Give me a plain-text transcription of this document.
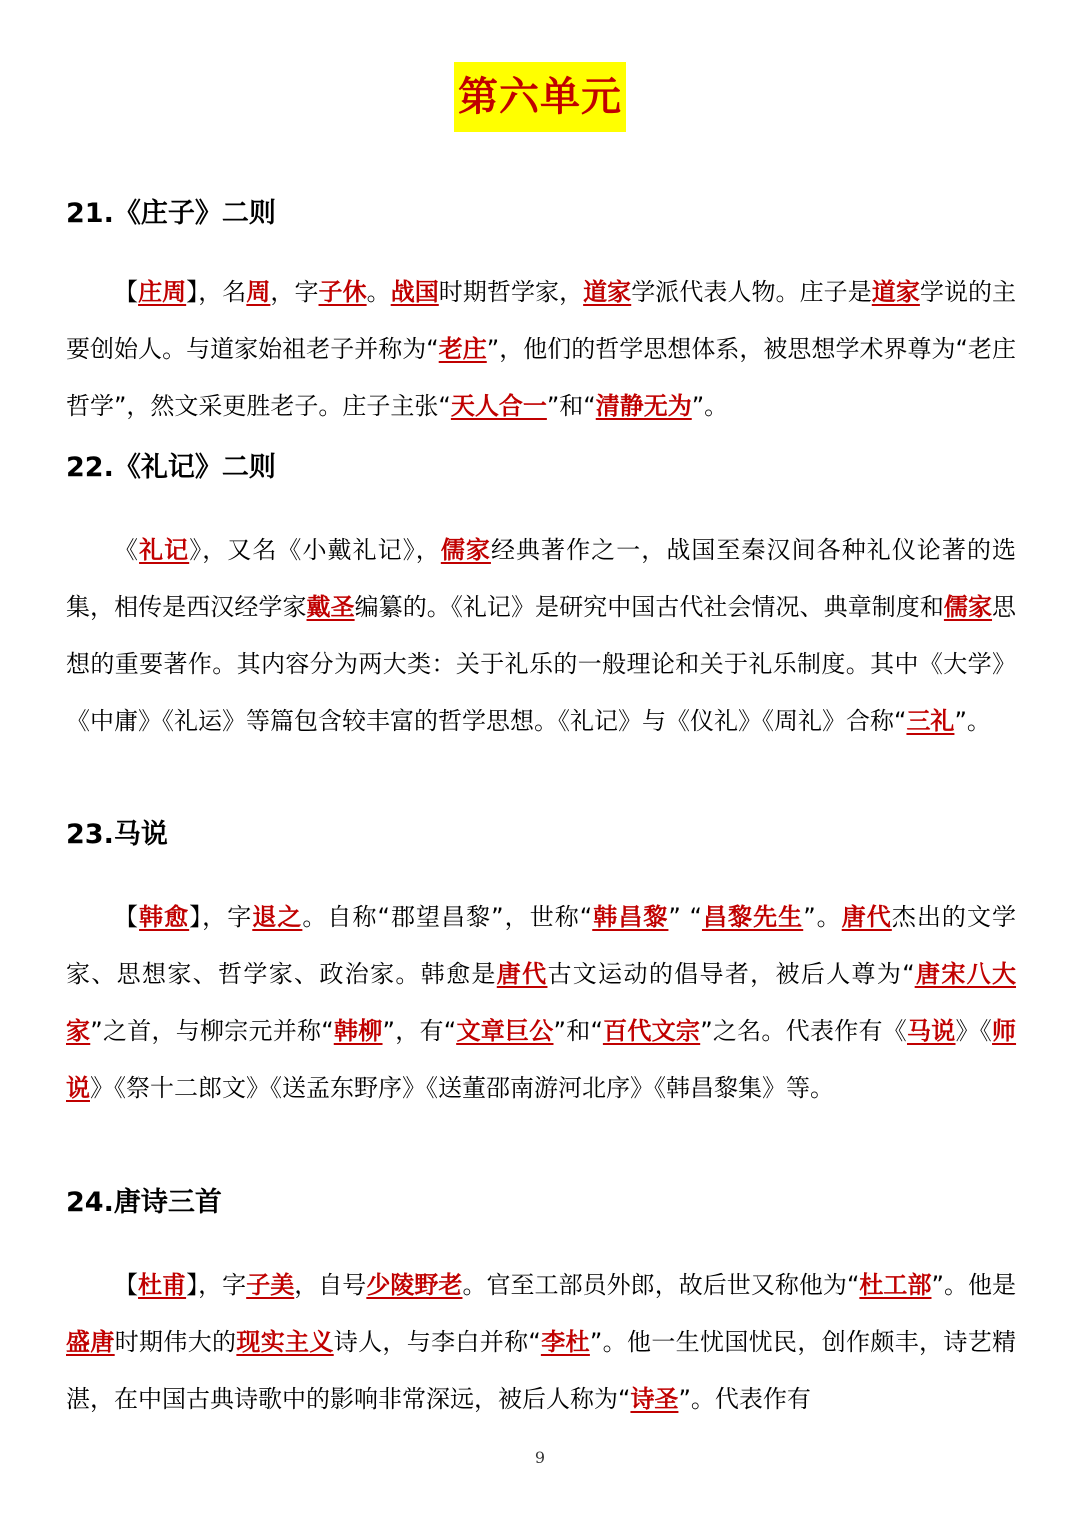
第六单元
21.《庄子》二则

【庄周】，名周，字子休。战国时期哲学家，道家学派代表人物。庄子是道家学说的主要创始人。与道家始祖老子并称为“老庄”，他们的哲学思想体系，被思想学术界尊为“老庄哲学”，然文采更胜老子。庄子主张“天人合一”和“清静无为”。

22.《礼记》二则

《礼记》，又名《小戴礼记》，儒家经典著作之一，战国至秦汉间各种礼仪论著的选集，相传是西汉经学家戴圣编纂的。《礼记》是研究中国古代社会情况、典章制度和儒家思想的重要著作。其内容分为两大类：关于礼乐的一般理论和关于礼乐制度。其中《大学》《中庸》《礼运》等篇包含较丰富的哲学思想。《礼记》与《仪礼》《周礼》合称“三礼”。

23.马说

【韩愈】，字退之。自称“郡望昌黎”，世称“韩昌黎” “昌黎先生”。唐代杰出的文学家、思想家、哲学家、政治家。韩愈是唐代古文运动的倡导者，被后人尊为“唐宋八大家”之首，与柳宗元并称“韩柳”，有“文章巨公”和“百代文宗”之名。代表作有《马说》《师说》《祭十二郎文》《送孟东野序》《送董邵南游河北序》《韩昌黎集》等。

24.唐诗三首

【杜甫】，字子美，自号少陵野老。官至工部员外郎，故后世又称他为“杜工部”。他是盛唐时期伟大的现实主义诗人，与李白并称“李杜”。他一生忧国忧民，创作颇丰，诗艺精湛，在中国古典诗歌中的影响非常深远，被后人称为“诗圣”。代表作有

9
